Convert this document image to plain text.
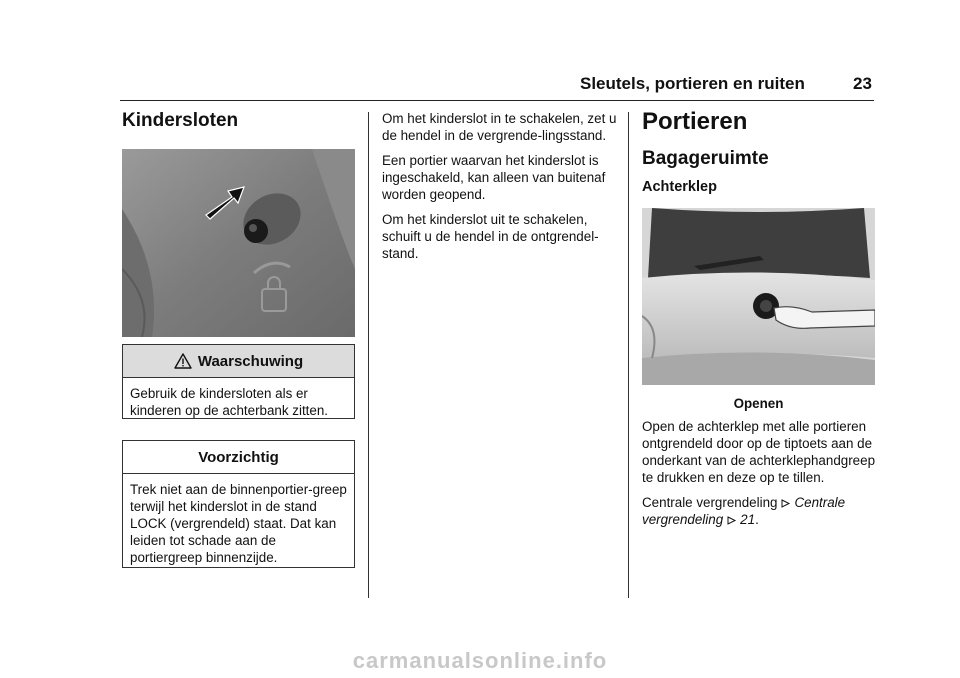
Sleutels, portieren en ruiten	23
Kindersloten
Waarschuwing
Gebruik de kindersloten als er kinderen op de achterbank zitten.
Voorzichtig
Trek niet aan de binnenportier-greep terwijl het kinderslot in de stand LOCK (vergrendeld) staat. Dat kan leiden tot schade aan de portiergreep binnenzijde.

Om het kinderslot in te schakelen, zet u de hendel in de vergrende-lingsstand.

Een portier waarvan het kinderslot is ingeschakeld, kan alleen van buitenaf worden geopend.

Om het kinderslot uit te schakelen, schuift u de hendel in de ontgrendel-stand.

Portieren
Bagageruimte
Achterklep
Openen

Open de achterklep met alle portieren ontgrendeld door op de tiptoets aan de onderkant van de achterklephandgreep te drukken en deze op te tillen.

Centrale vergrendeling Centrale vergrendeling 21.

carmanualsonline.info
